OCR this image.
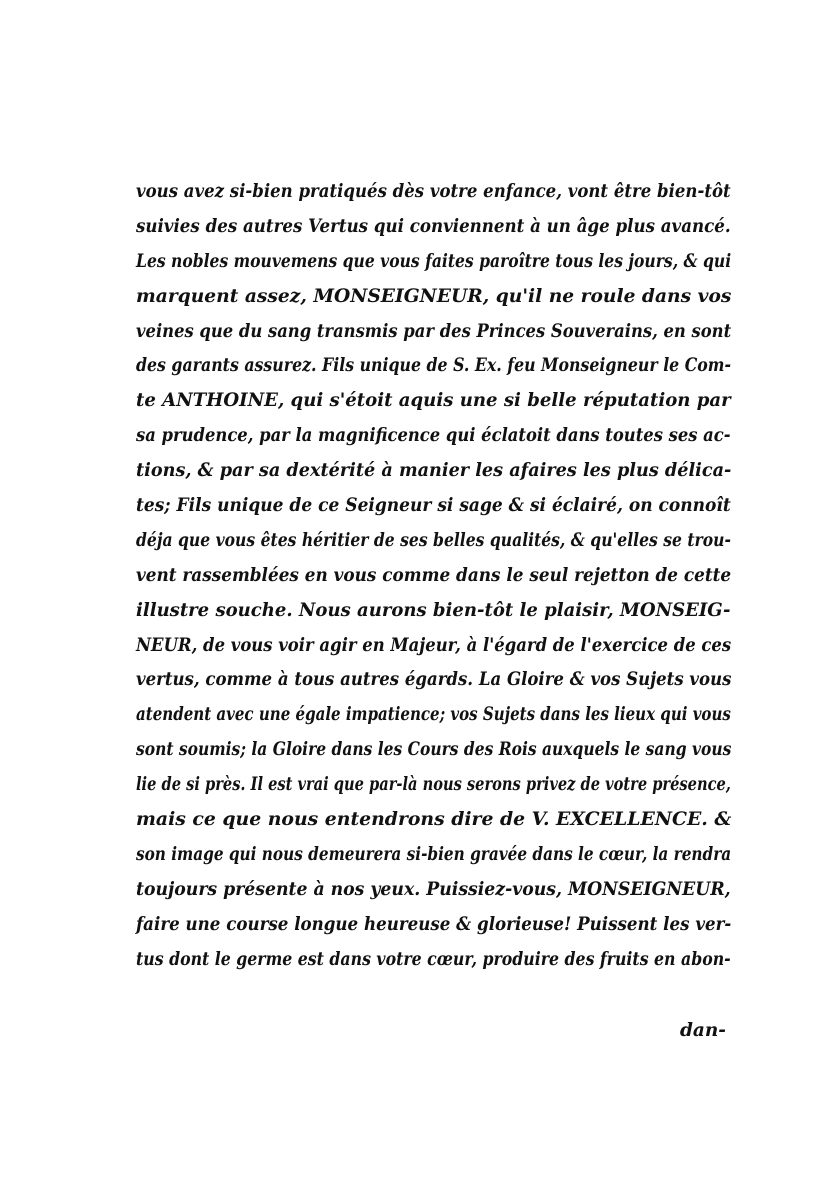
vous avez si-bien pratiqués dès votre enfance, vont être bien-tôt
suivies des autres Vertus qui conviennent à un âge plus avancé.
Les nobles mouvemens que vous faites paroître tous les jours, & qui
marquent assez, MONSEIGNEUR, qu'il ne roule dans vos
veines que du sang transmis par des Princes Souverains, en sont
des garants assurez. Fils unique de S. Ex. feu Monseigneur le Com-
te ANTHOINE, qui s'étoit aquis une si belle réputation par
sa prudence, par la magnificence qui éclatoit dans toutes ses ac-
tions, & par sa dextérité à manier les afaires les plus délica-
tes; Fils unique de ce Seigneur si sage & si éclairé, on connoît
déja que vous êtes héritier de ses belles qualités, & qu'elles se trou-
vent rassemblées en vous comme dans le seul rejetton de cette
illustre souche. Nous aurons bien-tôt le plaisir, MONSEIG-
NEUR, de vous voir agir en Majeur, à l'égard de l'exercice de ces
vertus, comme à tous autres égards. La Gloire & vos Sujets vous
atendent avec une égale impatience; vos Sujets dans les lieux qui vous
sont soumis; la Gloire dans les Cours des Rois auxquels le sang vous
lie de si près. Il est vrai que par-là nous serons privez de votre présence,
mais ce que nous entendrons dire de V. EXCELLENCE. &
son image qui nous demeurera si-bien gravée dans le cœur, la rendra
toujours présente à nos yeux. Puissiez-vous, MONSEIGNEUR,
faire une course longue heureuse & glorieuse! Puissent les ver-
tus dont le germe est dans votre cœur, produire des fruits en abon-
dan-
